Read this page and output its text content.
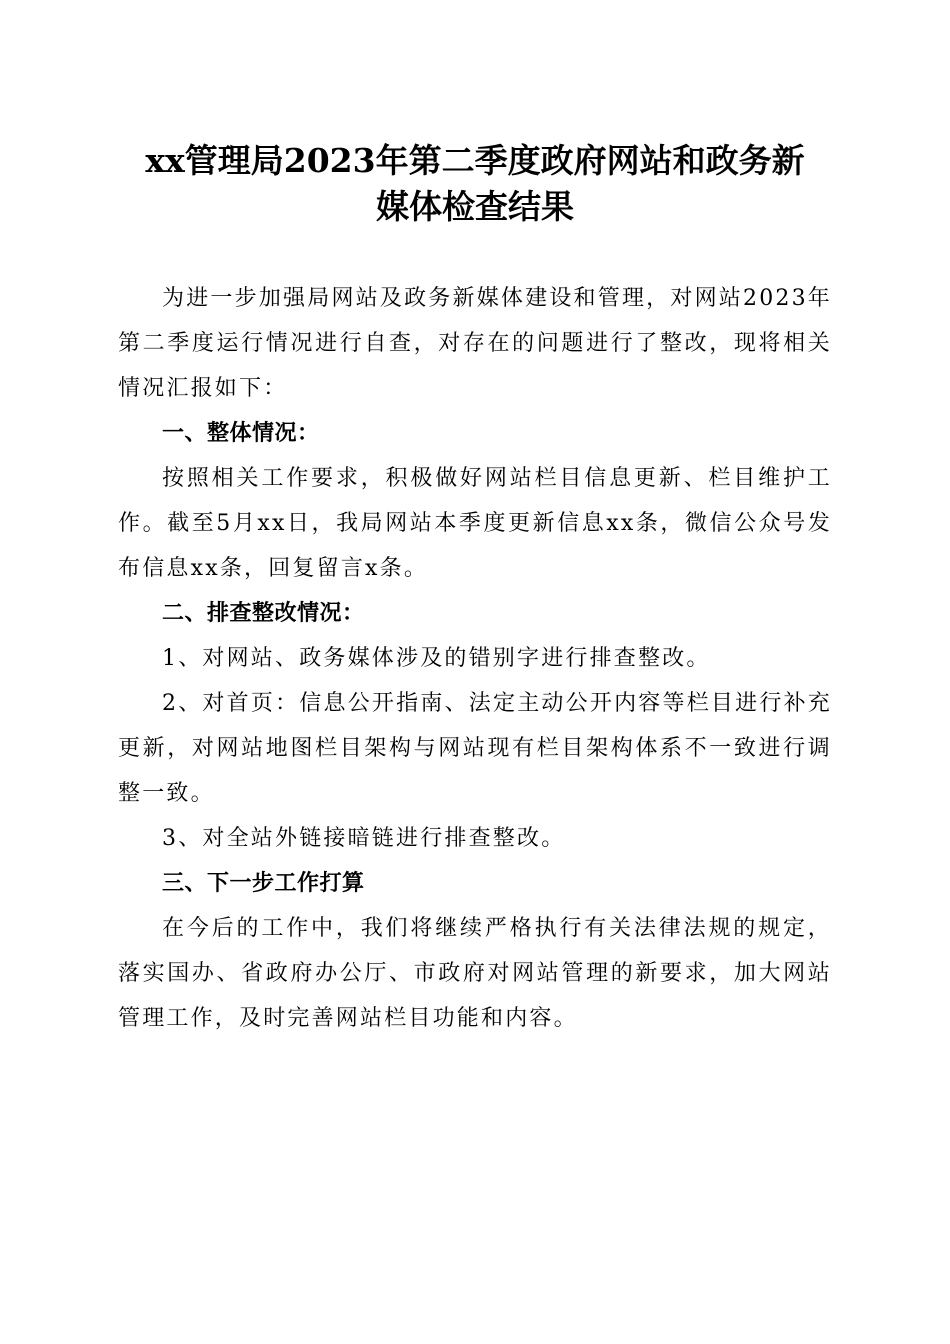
xx管理局2023年第二季度政府网站和政务新
媒体检查结果

为进一步加强局网站及政务新媒体建设和管理，对网站2023年第二季度运行情况进行自查，对存在的问题进行了整改，现将相关情况汇报如下：

一、整体情况：

按照相关工作要求，积极做好网站栏目信息更新、栏目维护工作。截至5月xx日，我局网站本季度更新信息xx条，微信公众号发布信息xx条，回复留言x条。

二、排查整改情况：

1、对网站、政务媒体涉及的错别字进行排查整改。

2、对首页：信息公开指南、法定主动公开内容等栏目进行补充更新，对网站地图栏目架构与网站现有栏目架构体系不一致进行调整一致。

3、对全站外链接暗链进行排查整改。

三、下一步工作打算

在今后的工作中，我们将继续严格执行有关法律法规的规定，落实国办、省政府办公厅、市政府对网站管理的新要求，加大网站管理工作，及时完善网站栏目功能和内容。
